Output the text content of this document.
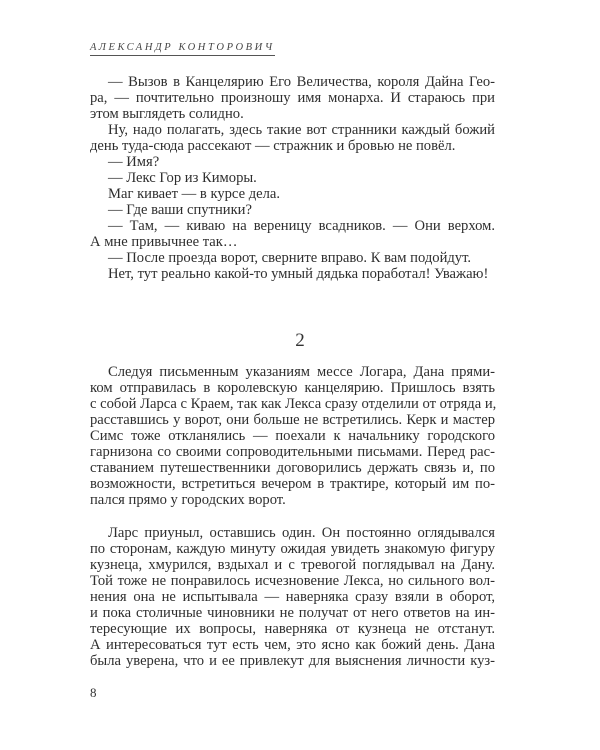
АЛЕКСАНДР КОНТОРОВИЧ
— Вызов в Канцелярию Его Величества, короля Дайна Гео-
ра, — почтительно произношу имя монарха. И стараюсь при
этом выглядеть солидно.
Ну, надо полагать, здесь такие вот странники каждый божий
день туда-сюда рассекают — стражник и бровью не повёл.
— Имя?
— Лекс Гор из Киморы.
Маг кивает — в курсе дела.
— Где ваши спутники?
— Там, — киваю на вереницу всадников. — Они верхом.
А мне привычнее так…
— После проезда ворот, сверните вправо. К вам подойдут.
Нет, тут реально какой-то умный дядька поработал! Уважаю!
2
Следуя письменным указаниям мессе Логара, Дана прями-
ком отправилась в королевскую канцелярию. Пришлось взять
с собой Ларса с Краем, так как Лекса сразу отделили от отряда и,
расставшись у ворот, они больше не встретились. Керк и мастер
Симс тоже откланялись — поехали к начальнику городского
гарнизона со своими сопроводительными письмами. Перед рас-
ставанием путешественники договорились держать связь и, по
возможности, встретиться вечером в трактире, который им по-
пался прямо у городских ворот.
Ларс приуныл, оставшись один. Он постоянно оглядывался
по сторонам, каждую минуту ожидая увидеть знакомую фигуру
кузнеца, хмурился, вздыхал и с тревогой поглядывал на Дану.
Той тоже не понравилось исчезновение Лекса, но сильного вол-
нения она не испытывала — наверняка сразу взяли в оборот,
и пока столичные чиновники не получат от него ответов на ин-
тересующие их вопросы, наверняка от кузнеца не отстанут.
А интересоваться тут есть чем, это ясно как божий день. Дана
была уверена, что и ее привлекут для выяснения личности куз-
8
